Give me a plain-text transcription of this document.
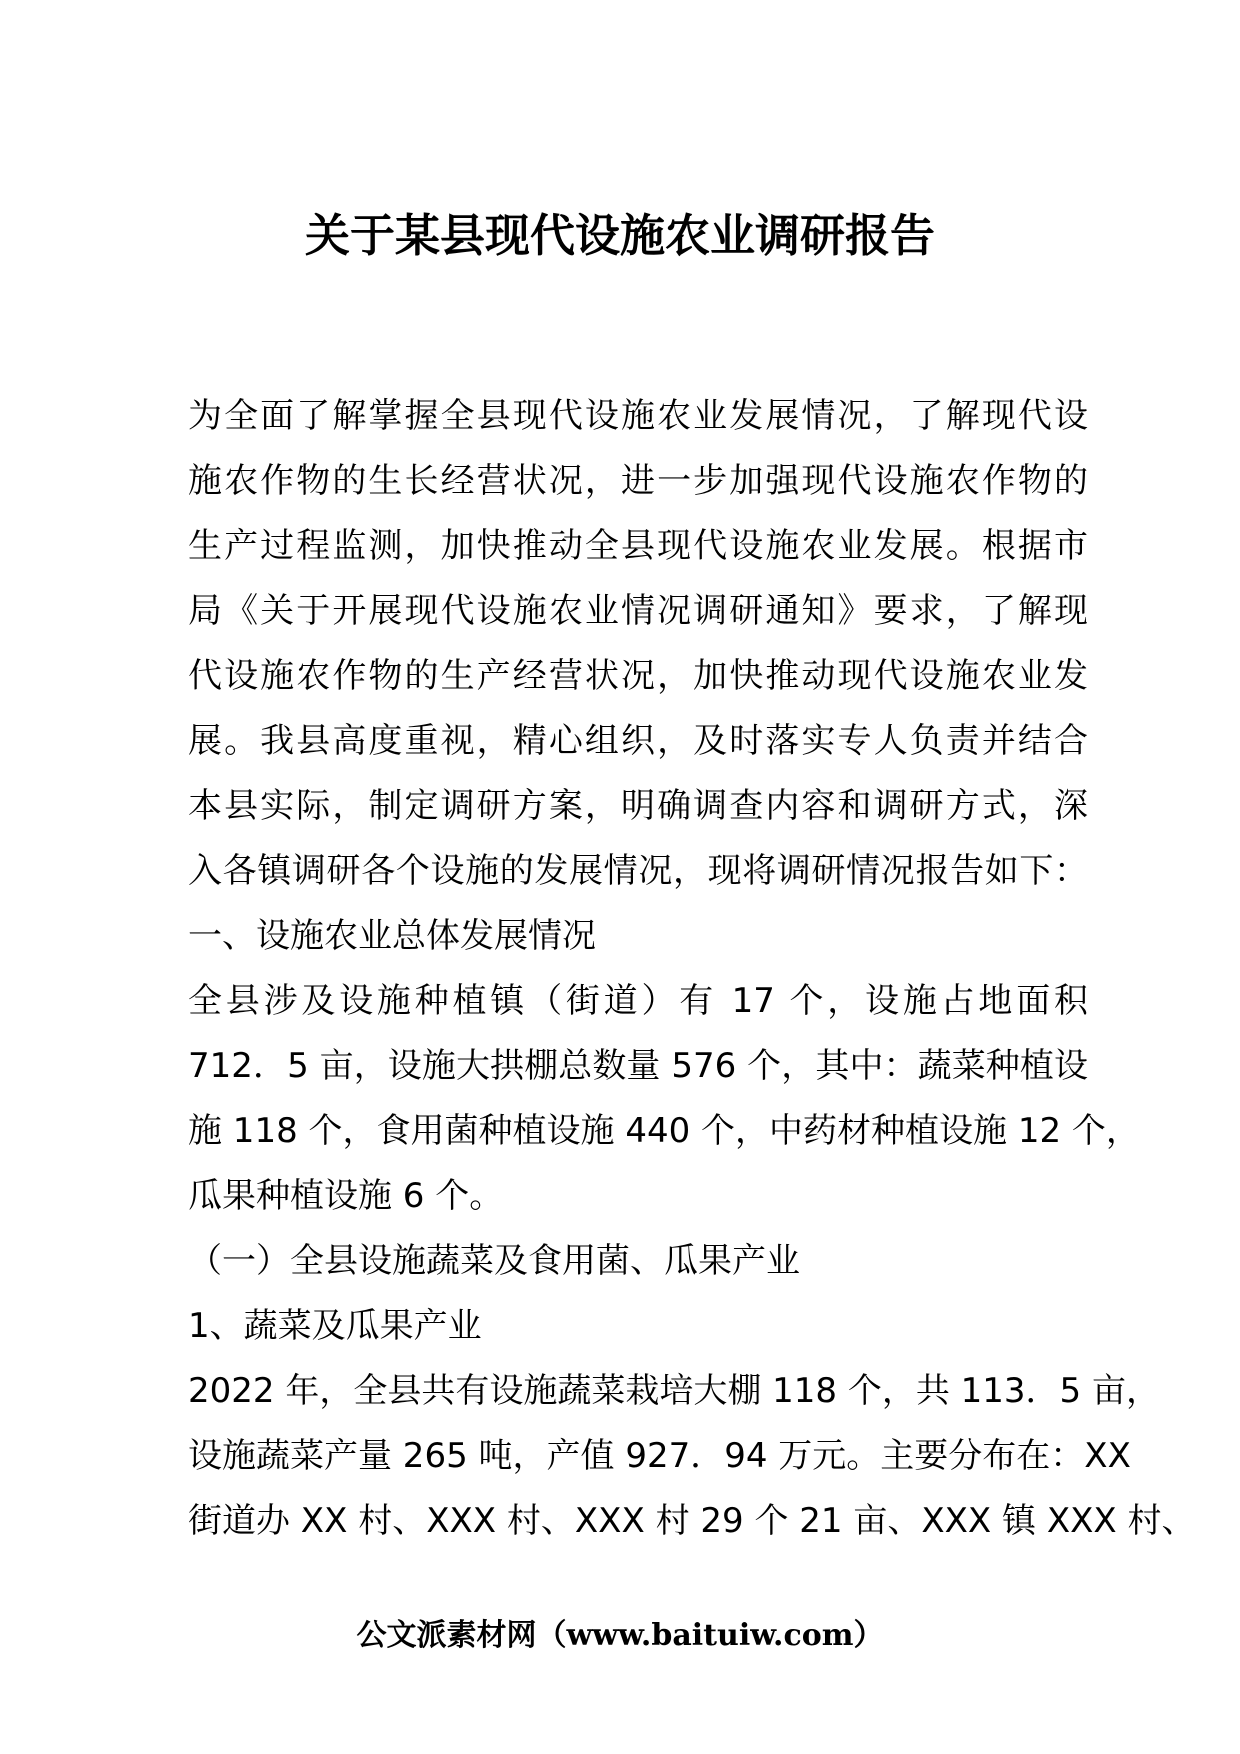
关于某县现代设施农业调研报告
为全面了解掌握全县现代设施农业发展情况，了解现代设
施农作物的生长经营状况，进一步加强现代设施农作物的
生产过程监测，加快推动全县现代设施农业发展。根据市
局《关于开展现代设施农业情况调研通知》要求，了解现
代设施农作物的生产经营状况，加快推动现代设施农业发
展。我县高度重视，精心组织，及时落实专人负责并结合
本县实际，制定调研方案，明确调查内容和调研方式，深
入各镇调研各个设施的发展情况，现将调研情况报告如下：
一、设施农业总体发展情况
全县涉及设施种植镇（街道）有 17 个，设施占地面积
712．5 亩，设施大拱棚总数量 576 个，其中：蔬菜种植设
施 118 个，食用菌种植设施 440 个，中药材种植设施 12 个，
瓜果种植设施 6 个。
（一）全县设施蔬菜及食用菌、瓜果产业
1、蔬菜及瓜果产业
2022 年，全县共有设施蔬菜栽培大棚 118 个，共 113．5 亩，
设施蔬菜产量 265 吨，产值 927．94 万元。主要分布在：XX
街道办 XX 村、XXX 村、XXX 村 29 个 21 亩、XXX 镇 XXX 村、
公文派素材网（www.baituiw.com）
